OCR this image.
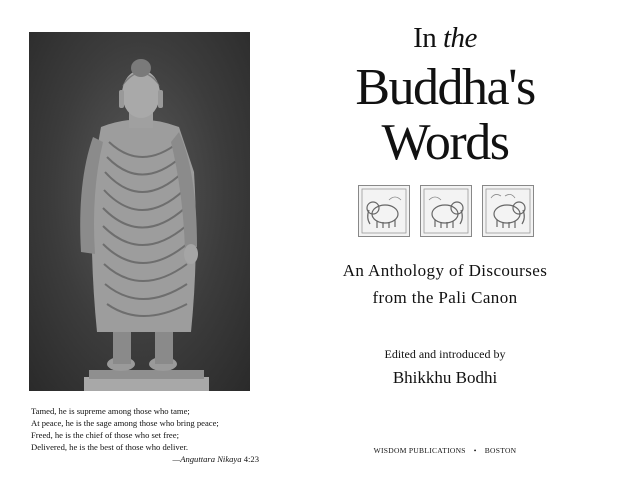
Tamed, he is supreme among those who tame;
At peace, he is the sage among those who bring peace;
Freed, he is the chief of those who set free;
Delivered, he is the best of those who deliver.
—Anguttara Nikaya 4:23
In the
Buddha's
Words
An Anthology of Discourses
from the Pali Canon
Edited and introduced by
Bhikkhu Bodhi
WISDOM PUBLICATIONS • BOSTON
